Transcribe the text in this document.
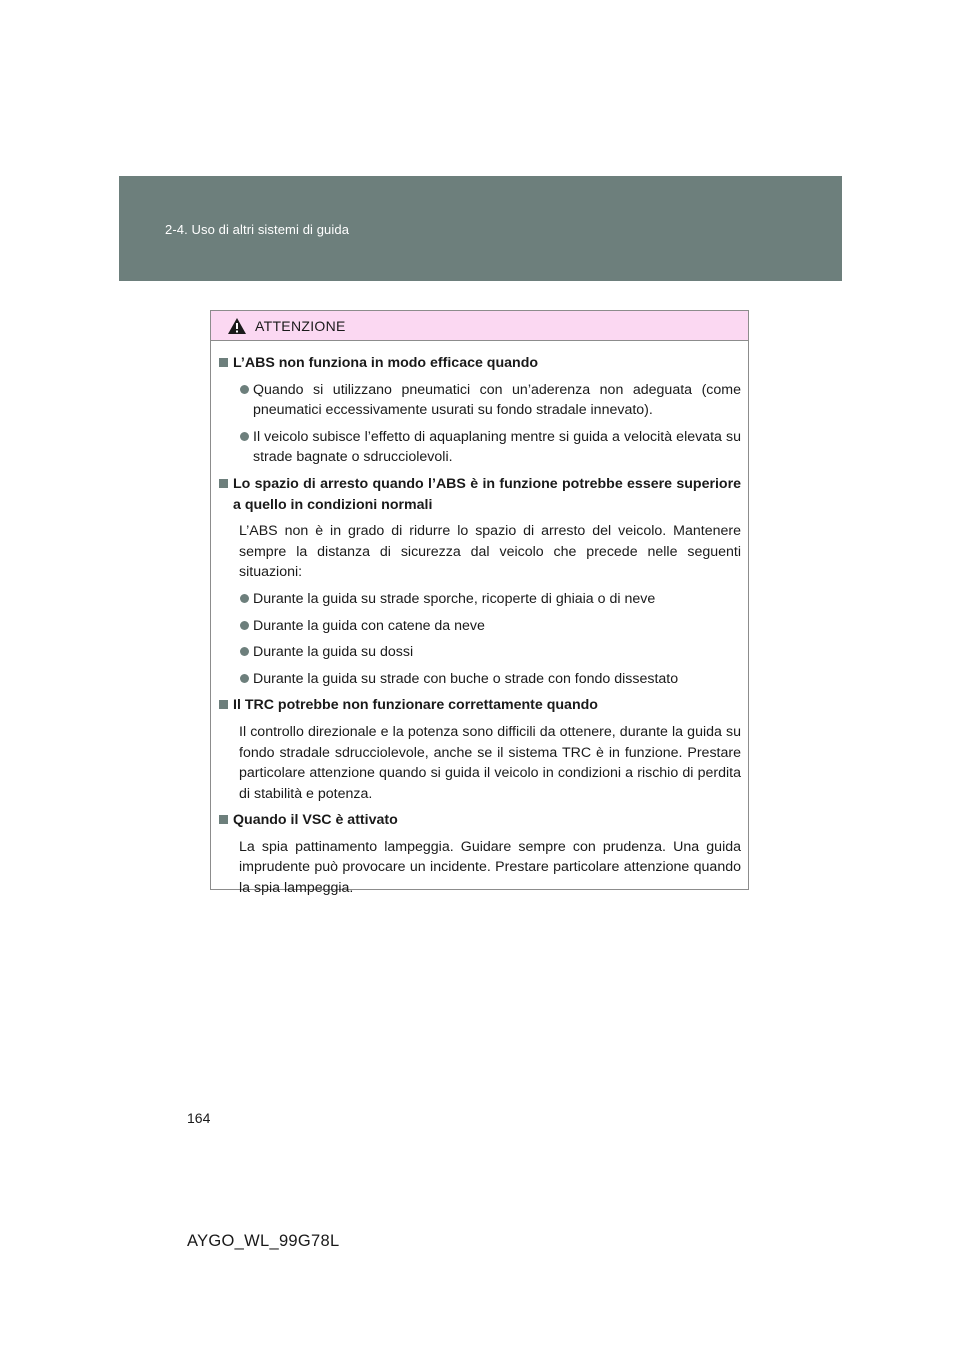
2-4. Uso di altri sistemi di guida
ATTENZIONE
L’ABS non funziona in modo efficace quando
Quando si utilizzano pneumatici con un’aderenza non adeguata (come pneumatici eccessivamente usurati su fondo stradale innevato).
Il veicolo subisce l’effetto di aquaplaning mentre si guida a velocità elevata su strade bagnate o sdrucciolevoli.
Lo spazio di arresto quando l’ABS è in funzione potrebbe essere superiore a quello in condizioni normali
L’ABS non è in grado di ridurre lo spazio di arresto del veicolo. Mantenere sempre la distanza di sicurezza dal veicolo che precede nelle seguenti situazioni:
Durante la guida su strade sporche, ricoperte di ghiaia o di neve
Durante la guida con catene da neve
Durante la guida su dossi
Durante la guida su strade con buche o strade con fondo dissestato
Il TRC potrebbe non funzionare correttamente quando
Il controllo direzionale e la potenza sono difficili da ottenere, durante la guida su fondo stradale sdrucciolevole, anche se il sistema TRC è in funzione. Prestare particolare attenzione quando si guida il veicolo in condizioni a rischio di perdita di stabilità e potenza.
Quando il VSC è attivato
La spia pattinamento lampeggia. Guidare sempre con prudenza. Una guida imprudente può provocare un incidente. Prestare particolare attenzione quando la spia lampeggia.
164
AYGO_WL_99G78L
